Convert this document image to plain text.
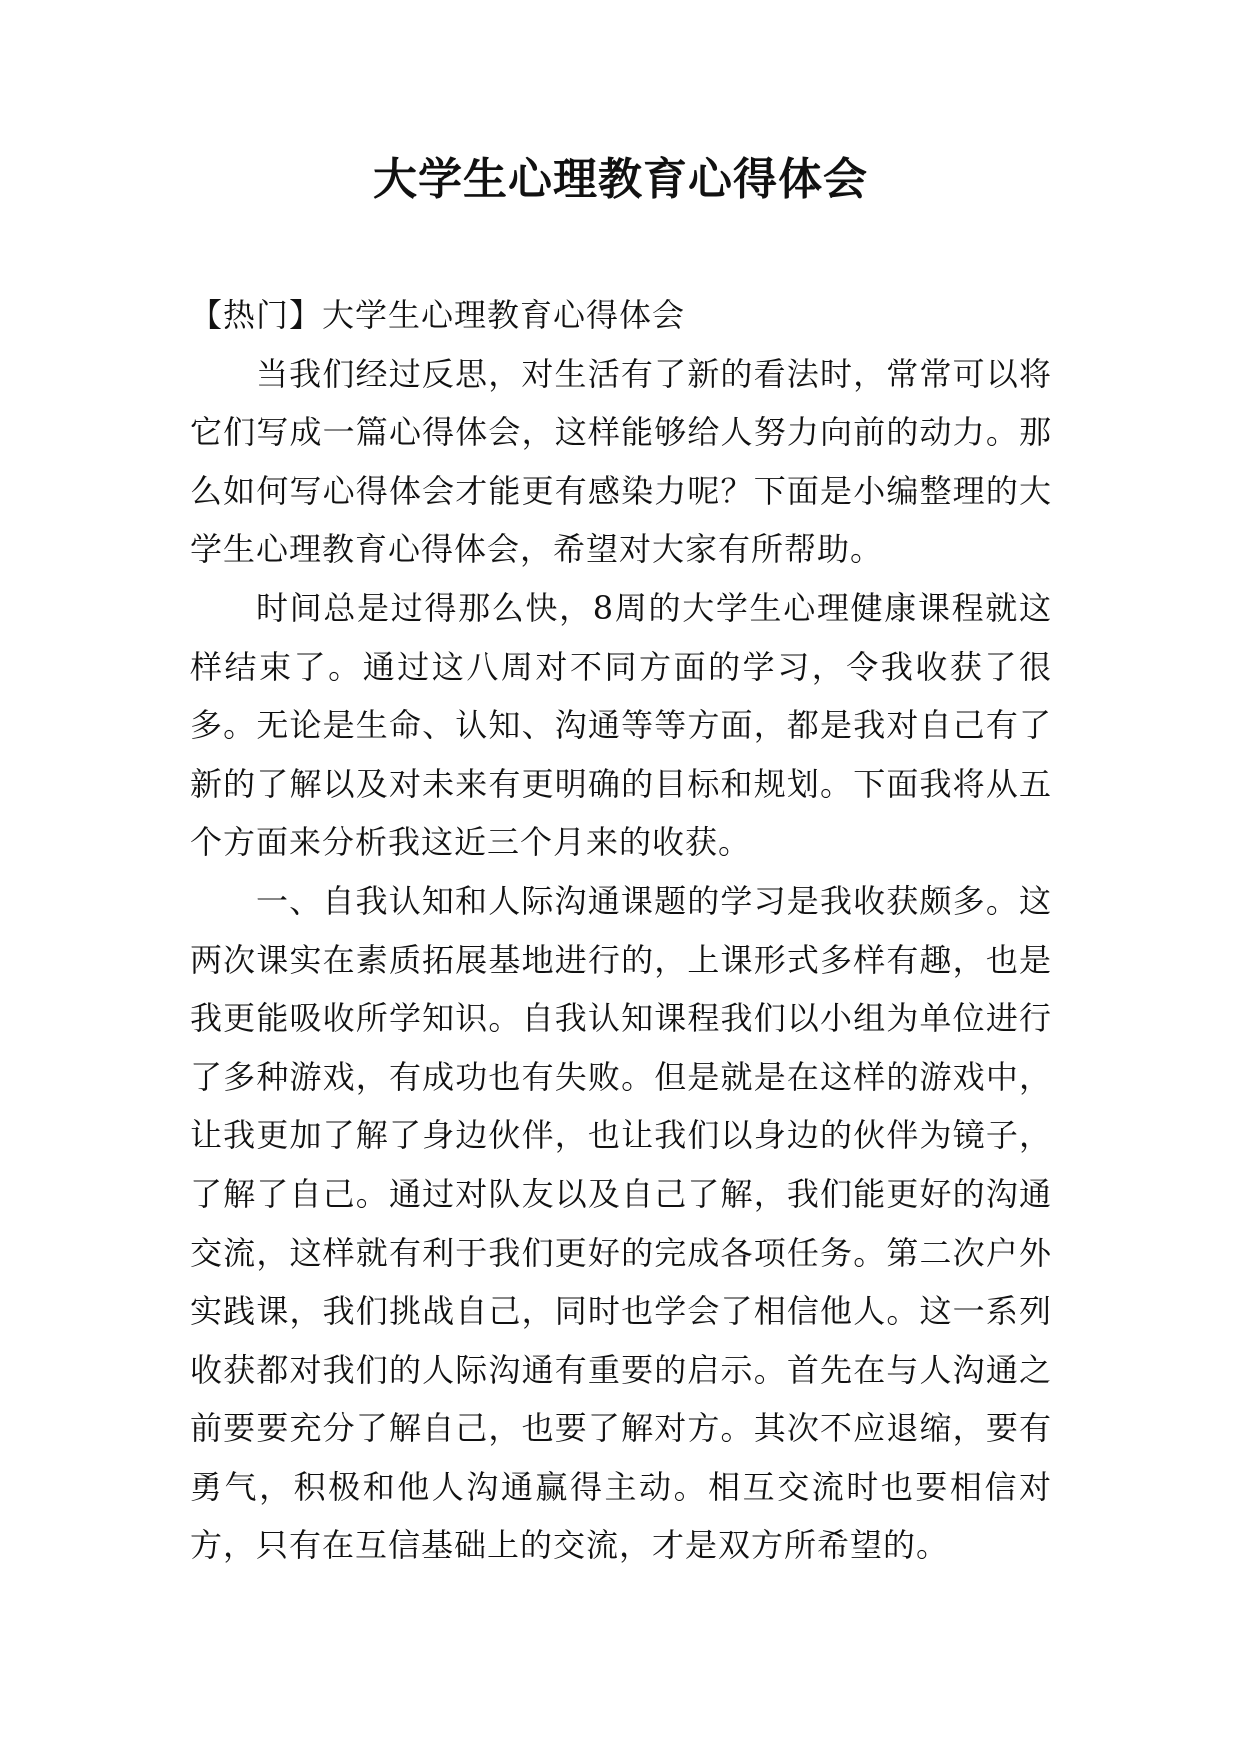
大学生心理教育心得体会

【热门】大学生心理教育心得体会

当我们经过反思，对生活有了新的看法时，常常可以将它们写成一篇心得体会，这样能够给人努力向前的动力。那么如何写心得体会才能更有感染力呢？下面是小编整理的大学生心理教育心得体会，希望对大家有所帮助。

时间总是过得那么快，8周的大学生心理健康课程就这样结束了。通过这八周对不同方面的学习，令我收获了很多。无论是生命、认知、沟通等等方面，都是我对自己有了新的了解以及对未来有更明确的目标和规划。下面我将从五个方面来分析我这近三个月来的收获。

一、自我认知和人际沟通课题的学习是我收获颇多。这两次课实在素质拓展基地进行的，上课形式多样有趣，也是我更能吸收所学知识。自我认知课程我们以小组为单位进行了多种游戏，有成功也有失败。但是就是在这样的游戏中，让我更加了解了身边伙伴，也让我们以身边的伙伴为镜子，了解了自己。通过对队友以及自己了解，我们能更好的沟通交流，这样就有利于我们更好的完成各项任务。第二次户外实践课，我们挑战自己，同时也学会了相信他人。这一系列收获都对我们的人际沟通有重要的启示。首先在与人沟通之前要要充分了解自己，也要了解对方。其次不应退缩，要有勇气，积极和他人沟通赢得主动。相互交流时也要相信对方，只有在互信基础上的交流，才是双方所希望的。
